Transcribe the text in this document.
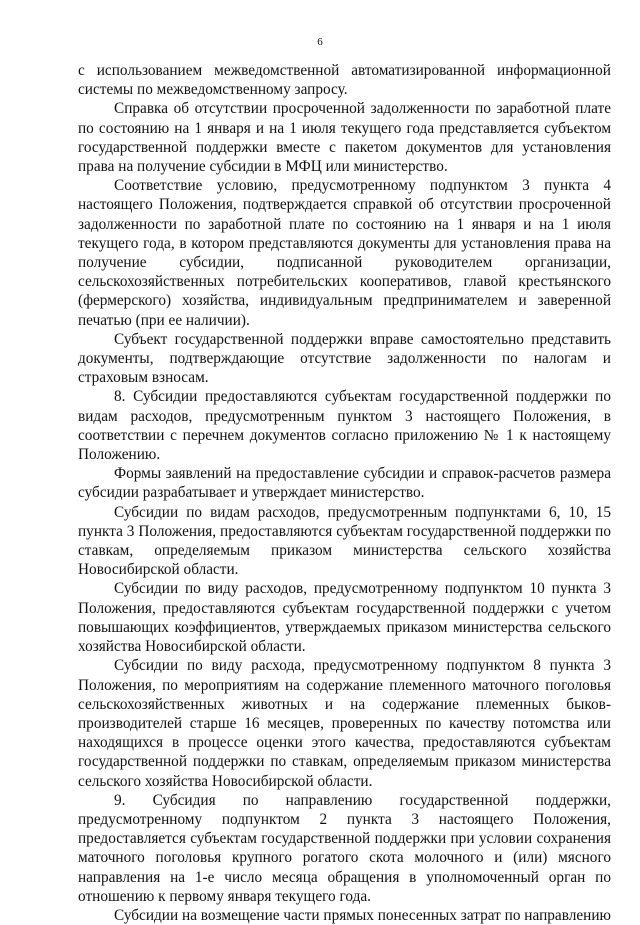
6

с использованием межведомственной автоматизированной информационной системы по межведомственному запросу.

Справка об отсутствии просроченной задолженности по заработной плате по состоянию на 1 января и на 1 июля текущего года представляется субъектом государственной поддержки вместе с пакетом документов для установления права на получение субсидии в МФЦ или министерство.

Соответствие условию, предусмотренному подпунктом 3 пункта 4 настоящего Положения, подтверждается справкой об отсутствии просроченной задолженности по заработной плате по состоянию на 1 января и на 1 июля текущего года, в котором представляются документы для установления права на получение субсидии, подписанной руководителем организации, сельскохозяйственных потребительских кооперативов, главой крестьянского (фермерского) хозяйства, индивидуальным предпринимателем и заверенной печатью (при ее наличии).

Субъект государственной поддержки вправе самостоятельно представить документы, подтверждающие отсутствие задолженности по налогам и страховым взносам.

8. Субсидии предоставляются субъектам государственной поддержки по видам расходов, предусмотренным пунктом 3 настоящего Положения, в соответствии с перечнем документов согласно приложению № 1 к настоящему Положению.

Формы заявлений на предоставление субсидии и справок-расчетов размера субсидии разрабатывает и утверждает министерство.

Субсидии по видам расходов, предусмотренным подпунктами 6, 10, 15 пункта 3 Положения, предоставляются субъектам государственной поддержки по ставкам, определяемым приказом министерства сельского хозяйства Новосибирской области.

Субсидии по виду расходов, предусмотренному подпунктом 10 пункта 3 Положения, предоставляются субъектам государственной поддержки с учетом повышающих коэффициентов, утверждаемых приказом министерства сельского хозяйства Новосибирской области.

Субсидии по виду расхода, предусмотренному подпунктом 8 пункта 3 Положения, по мероприятиям на содержание племенного маточного поголовья сельскохозяйственных животных и на содержание племенных быков-производителей старше 16 месяцев, проверенных по качеству потомства или находящихся в процессе оценки этого качества, предоставляются субъектам государственной поддержки по ставкам, определяемым приказом министерства сельского хозяйства Новосибирской области.

9. Субсидия по направлению государственной поддержки, предусмотренному подпунктом 2 пункта 3 настоящего Положения, предоставляется субъектам государственной поддержки при условии сохранения маточного поголовья крупного рогатого скота молочного и (или) мясного направления на 1-е число месяца обращения в уполномоченный орган по отношению к первому января текущего года.

Субсидии на возмещение части прямых понесенных затрат по направлению
